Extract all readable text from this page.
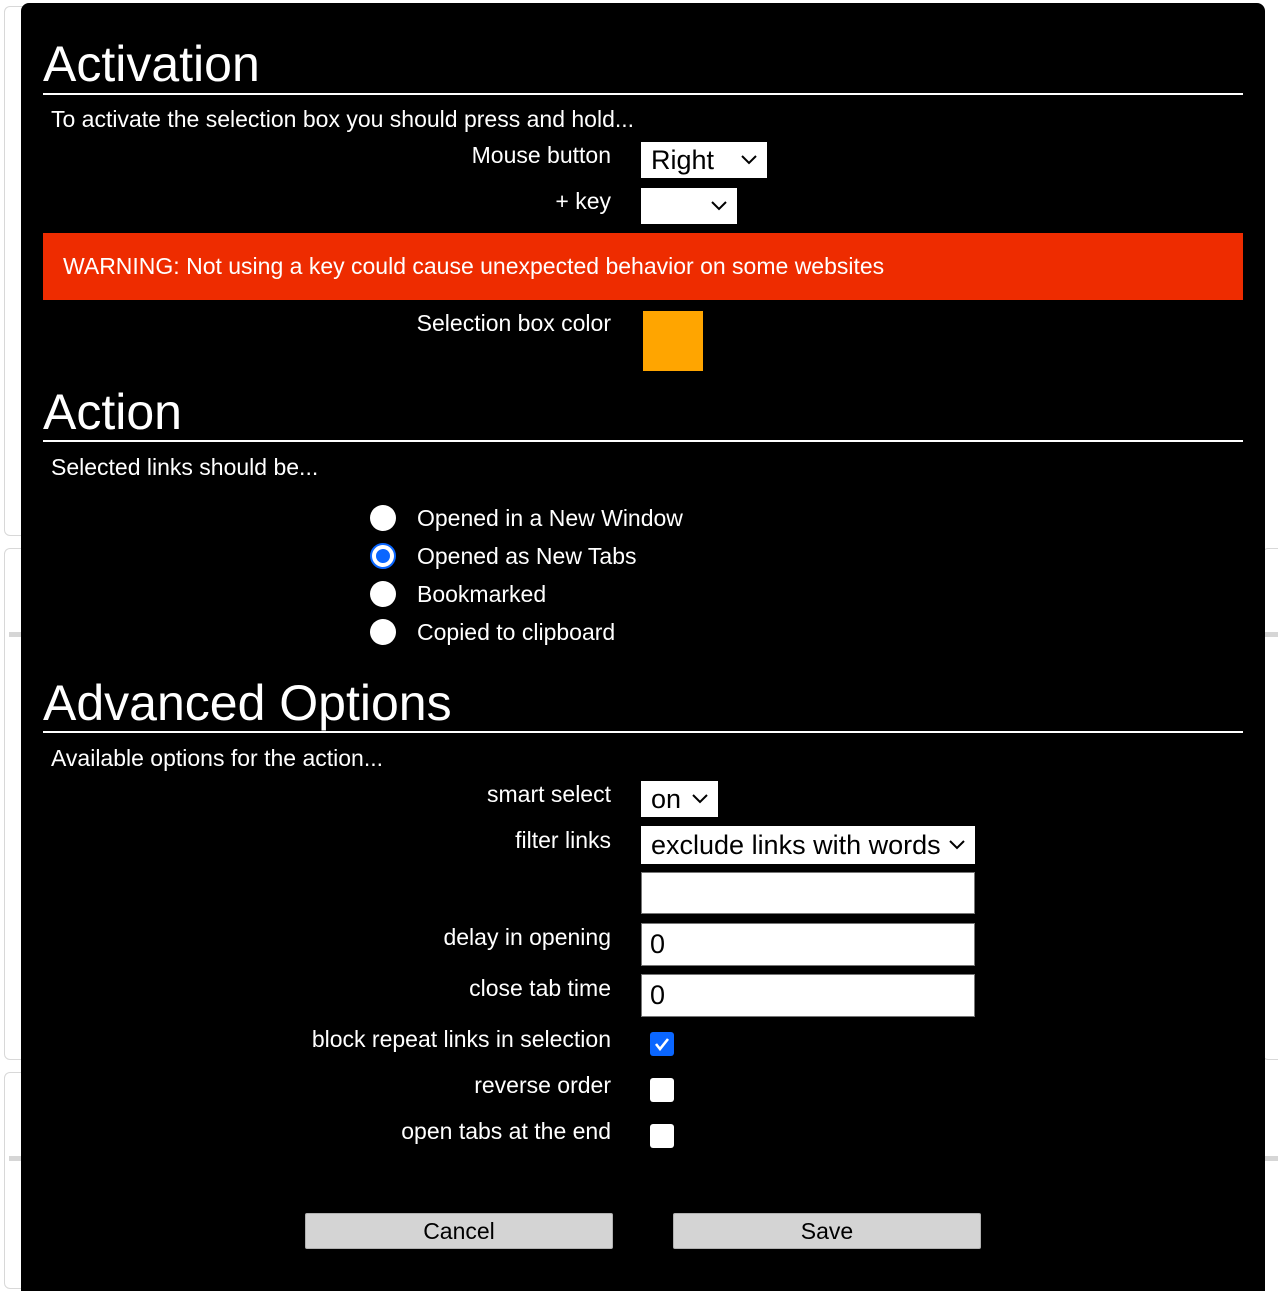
Activation
To activate the selection box you should press and hold...
Mouse button Right
+ key
WARNING: Not using a key could cause unexpected behavior on some websites
Selection box color
Action
Selected links should be...
Opened in a New Window
Opened as New Tabs
Bookmarked
Copied to clipboard
Advanced Options
Available options for the action...
smart select on
filter links exclude links with words
delay in opening	0
close tab time	0
block repeat links in selection
reverse order
open tabs at the end
Cancel	Save
